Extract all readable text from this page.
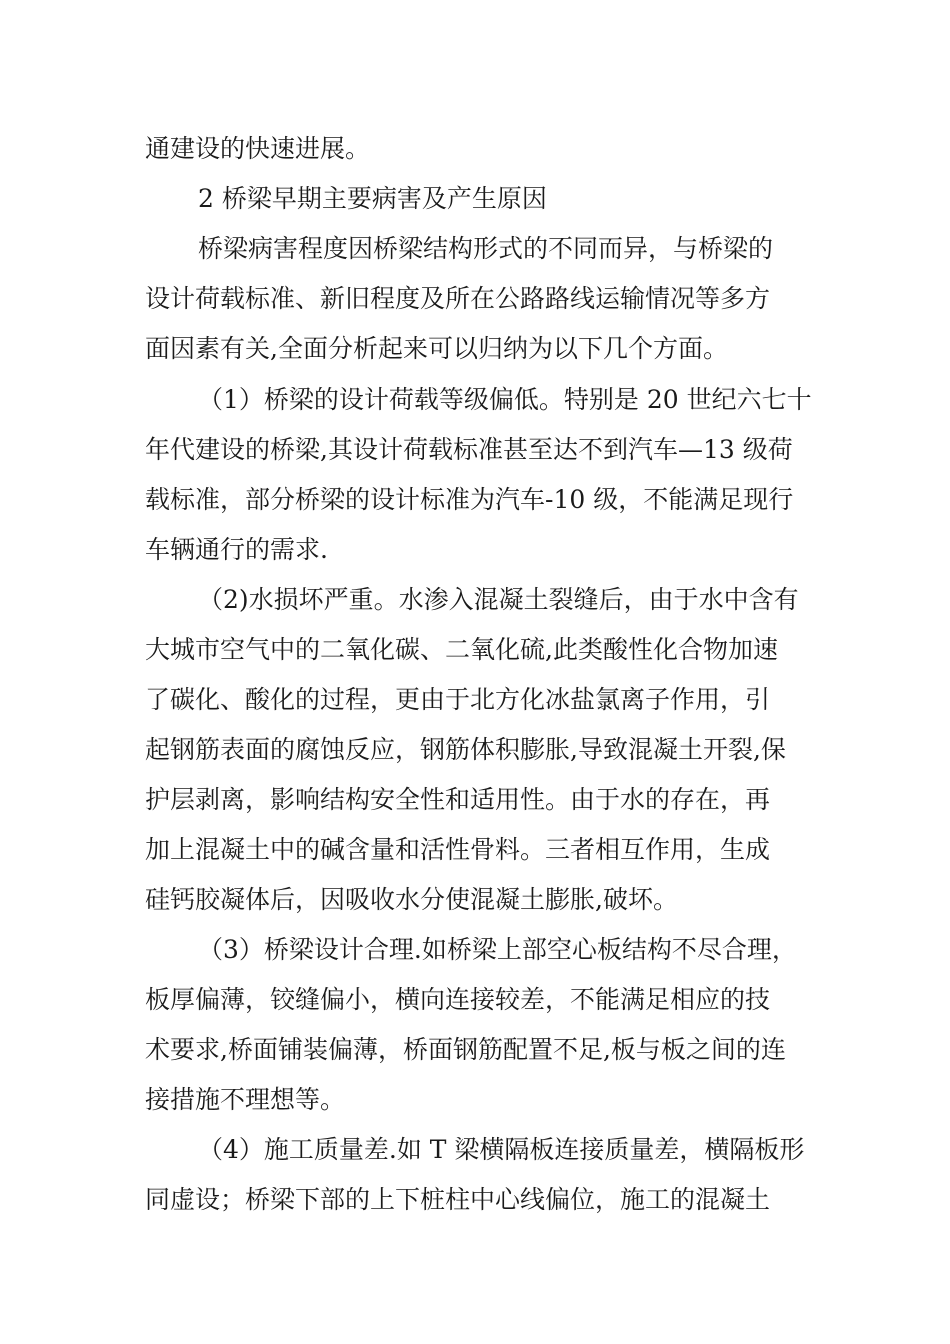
通建设的快速进展。
2 桥梁早期主要病害及产生原因
桥梁病害程度因桥梁结构形式的不同而异，与桥梁的
设计荷载标准、新旧程度及所在公路路线运输情况等多方
面因素有关,全面分析起来可以归纳为以下几个方面。
（1）桥梁的设计荷载等级偏低。特别是 20 世纪六七十
年代建设的桥梁,其设计荷载标准甚至达不到汽车—13 级荷
载标准，部分桥梁的设计标准为汽车-10 级，不能满足现行
车辆通行的需求.
（2)水损坏严重。水渗入混凝土裂缝后，由于水中含有
大城市空气中的二氧化碳、二氧化硫,此类酸性化合物加速
了碳化、酸化的过程，更由于北方化冰盐氯离子作用，引
起钢筋表面的腐蚀反应，钢筋体积膨胀,导致混凝土开裂,保
护层剥离，影响结构安全性和适用性。由于水的存在，再
加上混凝土中的碱含量和活性骨料。三者相互作用，生成
硅钙胶凝体后，因吸收水分使混凝土膨胀,破坏。
（3）桥梁设计合理.如桥梁上部空心板结构不尽合理，
板厚偏薄，铰缝偏小，横向连接较差，不能满足相应的技
术要求,桥面铺装偏薄，桥面钢筋配置不足,板与板之间的连
接措施不理想等。
（4）施工质量差.如 T 梁横隔板连接质量差，横隔板形
同虚设；桥梁下部的上下桩柱中心线偏位，施工的混凝土
